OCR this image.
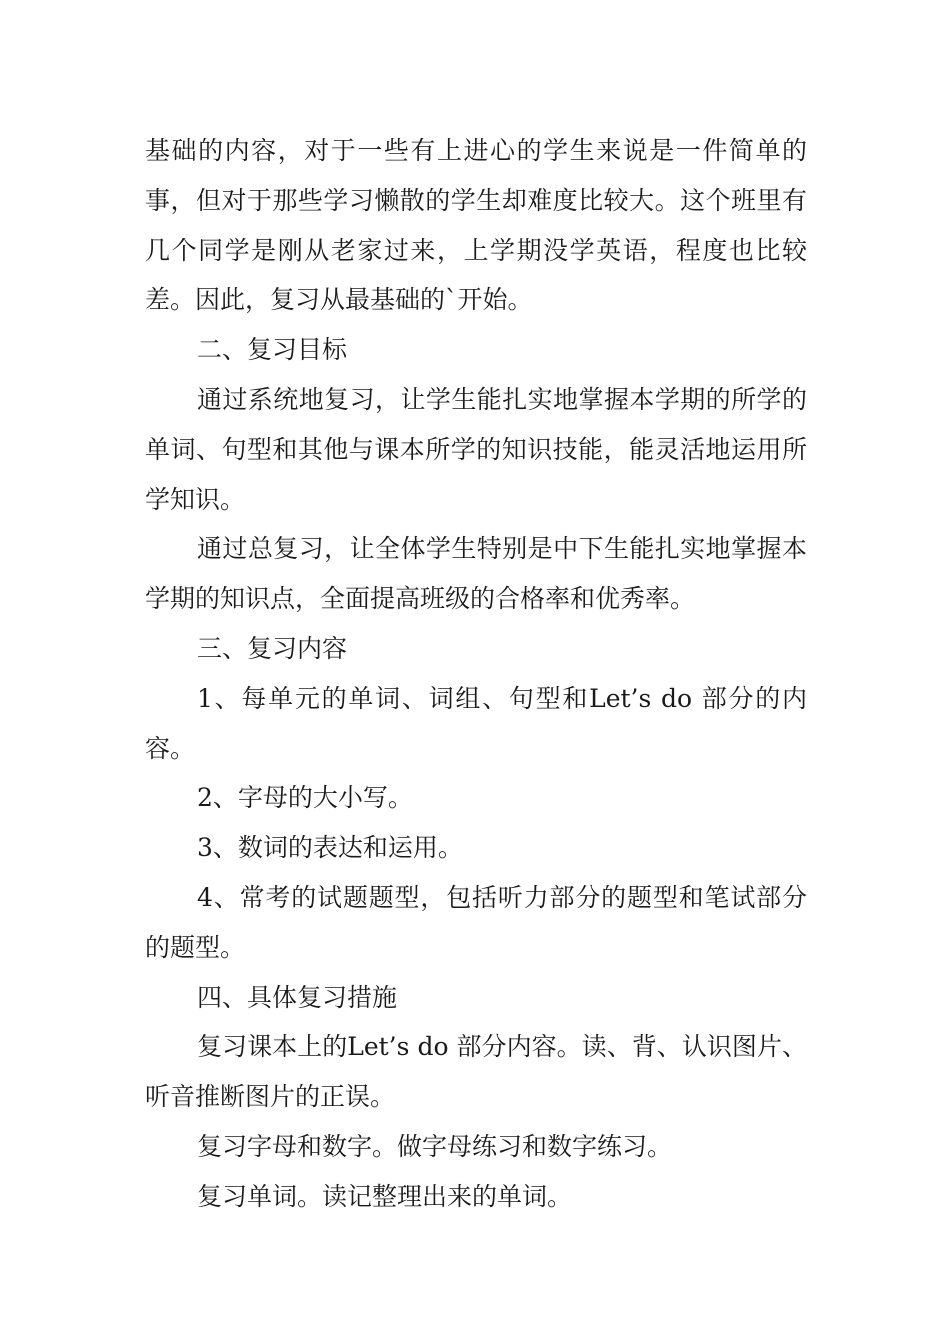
基础的内容，对于一些有上进心的学生来说是一件简单的事，但对于那些学习懒散的学生却难度比较大。这个班里有几个同学是刚从老家过来，上学期没学英语，程度也比较差。因此，复习从最基础的`开始。

二、复习目标

通过系统地复习，让学生能扎实地掌握本学期的所学的单词、句型和其他与课本所学的知识技能，能灵活地运用所学知识。

通过总复习，让全体学生特别是中下生能扎实地掌握本学期的知识点，全面提高班级的合格率和优秀率。

三、复习内容

1、每单元的单词、词组、句型和Let’s do 部分的内容。

2、字母的大小写。

3、数词的表达和运用。

4、常考的试题题型，包括听力部分的题型和笔试部分的题型。

四、具体复习措施

复习课本上的Let’s do 部分内容。读、背、认识图片、听音推断图片的正误。

复习字母和数字。做字母练习和数字练习。

复习单词。读记整理出来的单词。
